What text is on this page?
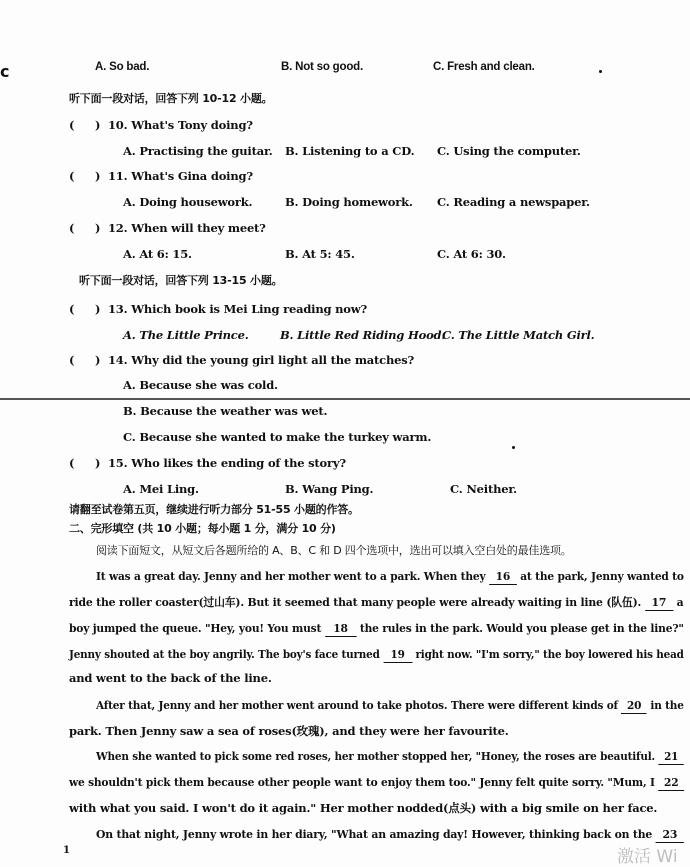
c	A. So bad.	B. Not so good.	C. Fresh and clean.
听下面一段对话，回答下列 10-12 小题。
( ) 10. What's Tony doing?
A. Practising the guitar. B. Listening to a CD. C. Using the computer.
( ) 11. What's Gina doing?
A. Doing housework.	B. Doing homework. C. Reading a newspaper.
( ) 12. When will they meet?
A. At 6: 15.	B. At 5: 45.	C. At 6: 30.
听下面一段对话，回答下列 13-15 小题。
( ) 13. Which book is Mei Ling reading now?
A. The Little Prince.	B. Little Red Riding Hood.
C. The Little Match Girl.
( ) 14. Why did the young girl light all the matches?
A. Because she was cold.
B. Because the weather was wet.
C. Because she wanted to make the turkey warm.
( ) 15. Who likes the ending of the story?
A. Mei Ling.	B. Wang Ping.	C. Neither.
请翻至试卷第五页，继续进行听力部分 51-55 小题的作答。
二、完形填空 (共 10 小题；每小题 1 分，满分 10 分)
阅读下面短文，从短文后各题所给的 A、B、C 和 D 四个选项中，选出可以填入空白处的最佳选项。
It was a great day. Jenny and her mother went to a park. When they 16 at the park, Jenny wanted to
ride the roller coaster(过山车). But it seemed that many people were already waiting in line (队伍). 17 a
boy jumped the queue. "Hey, you! You must 18 the rules in the park. Would you please get in the line?"
Jenny shouted at the boy angrily. The boy's face turned 19 right now. "I'm sorry," the boy lowered his head
and went to the back of the line.
After that, Jenny and her mother went around to take photos. There were different kinds of 20 in the
park. Then Jenny saw a sea of roses(玫瑰), and they were her favourite.
When she wanted to pick some red roses, her mother stopped her, "Honey, the roses are beautiful. 21
we shouldn't pick them because other people want to enjoy them too." Jenny felt quite sorry. "Mum, I 22
with what you said. I won't do it again." Her mother nodded(点头) with a big smile on her face.
On that night, Jenny wrote in her diary, "What an amazing day! However, thinking back on the 23
1	激活 Wi
